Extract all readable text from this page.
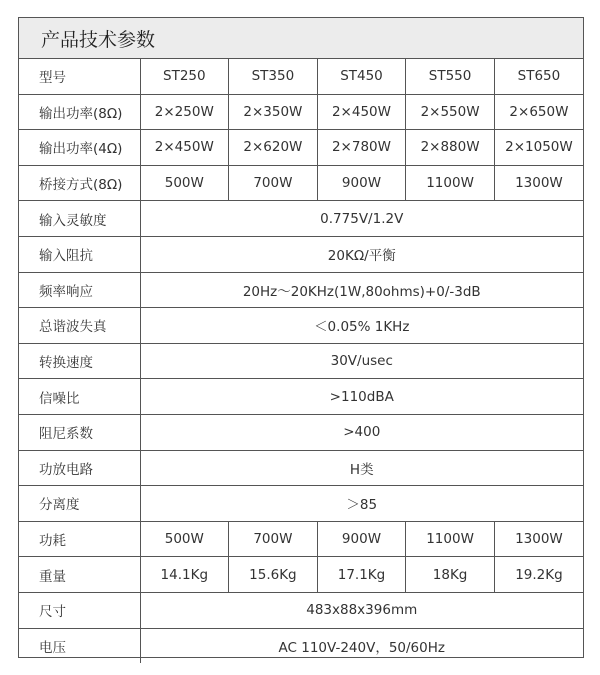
产品技术参数
型号	ST250	ST350	ST450	ST550	ST650
输出功率(8Ω)	2×250W	2×350W	2×450W	2×550W	2×650W
输出功率(4Ω)	2×450W	2×620W	2×780W	2×880W	2×1050W
桥接方式(8Ω)	500W	700W	900W	1100W	1300W
输入灵敏度	0.775V/1.2V				
输入阻抗	20KΩ/平衡				
频率响应	20Hz～20KHz(1W,80ohms)+0/-3dB				
总谐波失真	＜0.05% 1KHz				
转换速度	30V/usec				
信噪比	>110dBA				
阻尼系数	>400				
功放电路	H类				
分离度	＞85				
功耗	500W	700W	900W	1100W	1300W
重量	14.1Kg	15.6Kg	17.1Kg	18Kg	19.2Kg
尺寸	483x88x396mm				
电压	AC 110V-240V，50/60Hz				
